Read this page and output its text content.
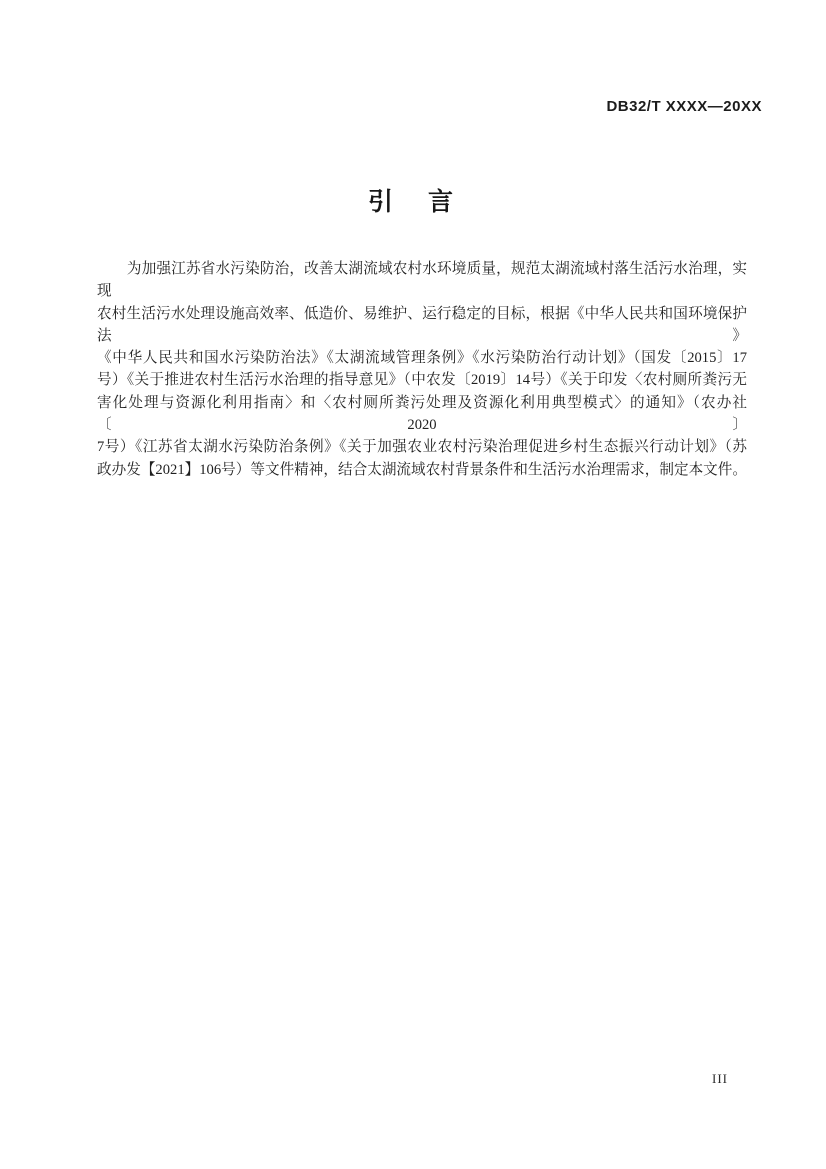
DB32/T XXXX—20XX
引　言
为加强江苏省水污染防治，改善太湖流域农村水环境质量，规范太湖流域村落生活污水治理，实现
农村生活污水处理设施高效率、低造价、易维护、运行稳定的目标，根据《中华人民共和国环境保护法》
《中华人民共和国水污染防治法》《太湖流域管理条例》《水污染防治行动计划》（国发〔2015〕17
号）《关于推进农村生活污水治理的指导意见》（中农发〔2019〕14号）《关于印发〈农村厕所粪污无
害化处理与资源化利用指南〉和〈农村厕所粪污处理及资源化利用典型模式〉的通知》（农办社〔2020〕
7号）《江苏省太湖水污染防治条例》《关于加强农业农村污染治理促进乡村生态振兴行动计划》（苏
政办发【2021】106号）等文件精神，结合太湖流域农村背景条件和生活污水治理需求，制定本文件。
III
